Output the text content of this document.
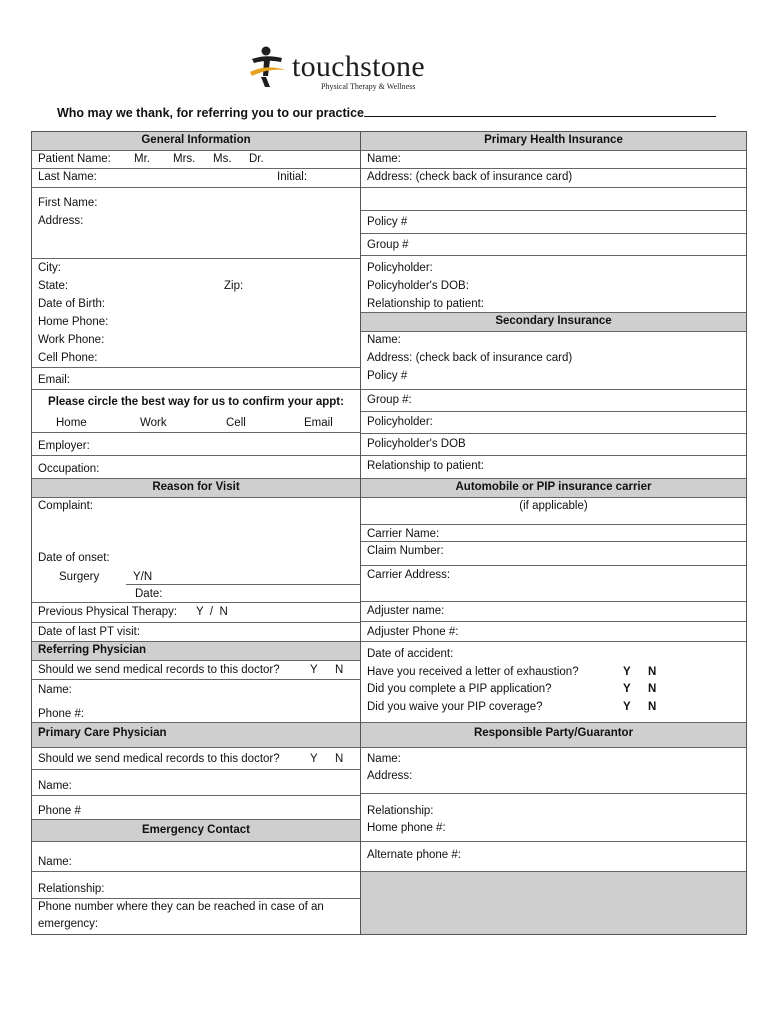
touchstone
Physical Therapy & Wellness
Who may we thank, for referring you to our practice
General Information
Patient Name: Mr. Mrs. Ms. Dr.
Last Name:	Initial:
First Name:
Address:
City:
State:	Zip:
Date of Birth:
Home Phone:
Work Phone:
Cell Phone:
Email:
Please circle the best way for us to confirm your appt:
Home	Work	Cell	Email
Employer:
Occupation:
Reason for Visit
Complaint:
Date of onset:
Surgery	Y/N
Date:
Previous Physical Therapy: Y  /  N
Date of last PT visit:
Referring Physician
Should we send medical records to this doctor?	Y N
Name:
Phone #:
Primary Care Physician
Should we send medical records to this doctor?	Y N
Name:
Phone #
Emergency Contact
Name:
Relationship:
Phone number where they can be reached in case of an
emergency:
Primary Health Insurance
Name:
Address: (check back of insurance card)
Policy #
Group #
Policyholder:
Policyholder's DOB:
Relationship to patient:
Secondary Insurance
Name:
Address: (check back of insurance card)
Policy #
Group #:
Policyholder:
Policyholder's DOB
Relationship to patient:
Automobile or PIP insurance carrier
(if applicable)
Carrier Name:
Claim Number:
Carrier Address:
Adjuster name:
Adjuster Phone #:
Date of accident:
Have you received a letter of exhaustion?	Y N
Did you complete a PIP application?	Y N
Did you waive your PIP coverage?	Y N
Responsible Party/Guarantor
Name:
Address:
Relationship:
Home phone #:
Alternate phone #:
